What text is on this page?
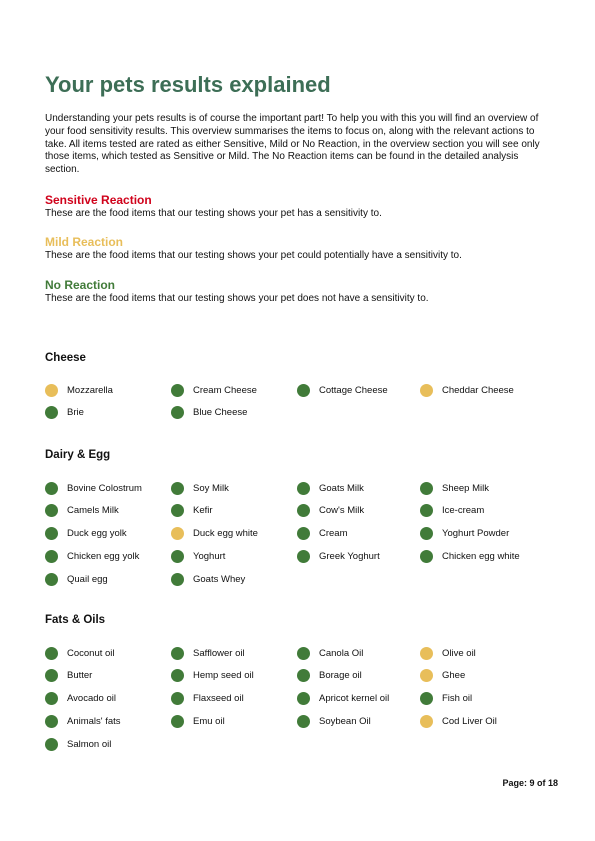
Your pets results explained

Understanding your pets results is of course the important part! To help you with this you will find an overview of your food sensitivity results. This overview summarises the items to focus on, along with the relevant actions to take. All items tested are rated as either Sensitive, Mild or No Reaction, in the overview section you will see only those items, which tested as Sensitive or Mild. The No Reaction items can be found in the detailed analysis section.

Sensitive Reaction
These are the food items that our testing shows your pet has a sensitivity to.
Mild Reaction
These are the food items that our testing shows your pet could potentially have a sensitivity to.
No Reaction
These are the food items that our testing shows your pet does not have a sensitivity to.
Cheese
Mozzarella	Cream Cheese	Cottage Cheese	Cheddar Cheese
Brie	Blue Cheese
Dairy & Egg
Bovine Colostrum	Soy Milk	Goats Milk	Sheep Milk
Camels Milk	Kefir	Cow's Milk	Ice-cream
Duck egg yolk	Duck egg white	Cream	Yoghurt Powder
Chicken egg yolk	Yoghurt	Greek Yoghurt	Chicken egg white
Quail egg	Goats Whey
Fats & Oils
Coconut oil	Safflower oil	Canola Oil	Olive oil
Butter	Hemp seed oil	Borage oil	Ghee
Avocado oil	Flaxseed oil	Apricot kernel oil	Fish oil
Animals' fats	Emu oil	Soybean Oil	Cod Liver Oil
Salmon oil
Page: 9 of 18
